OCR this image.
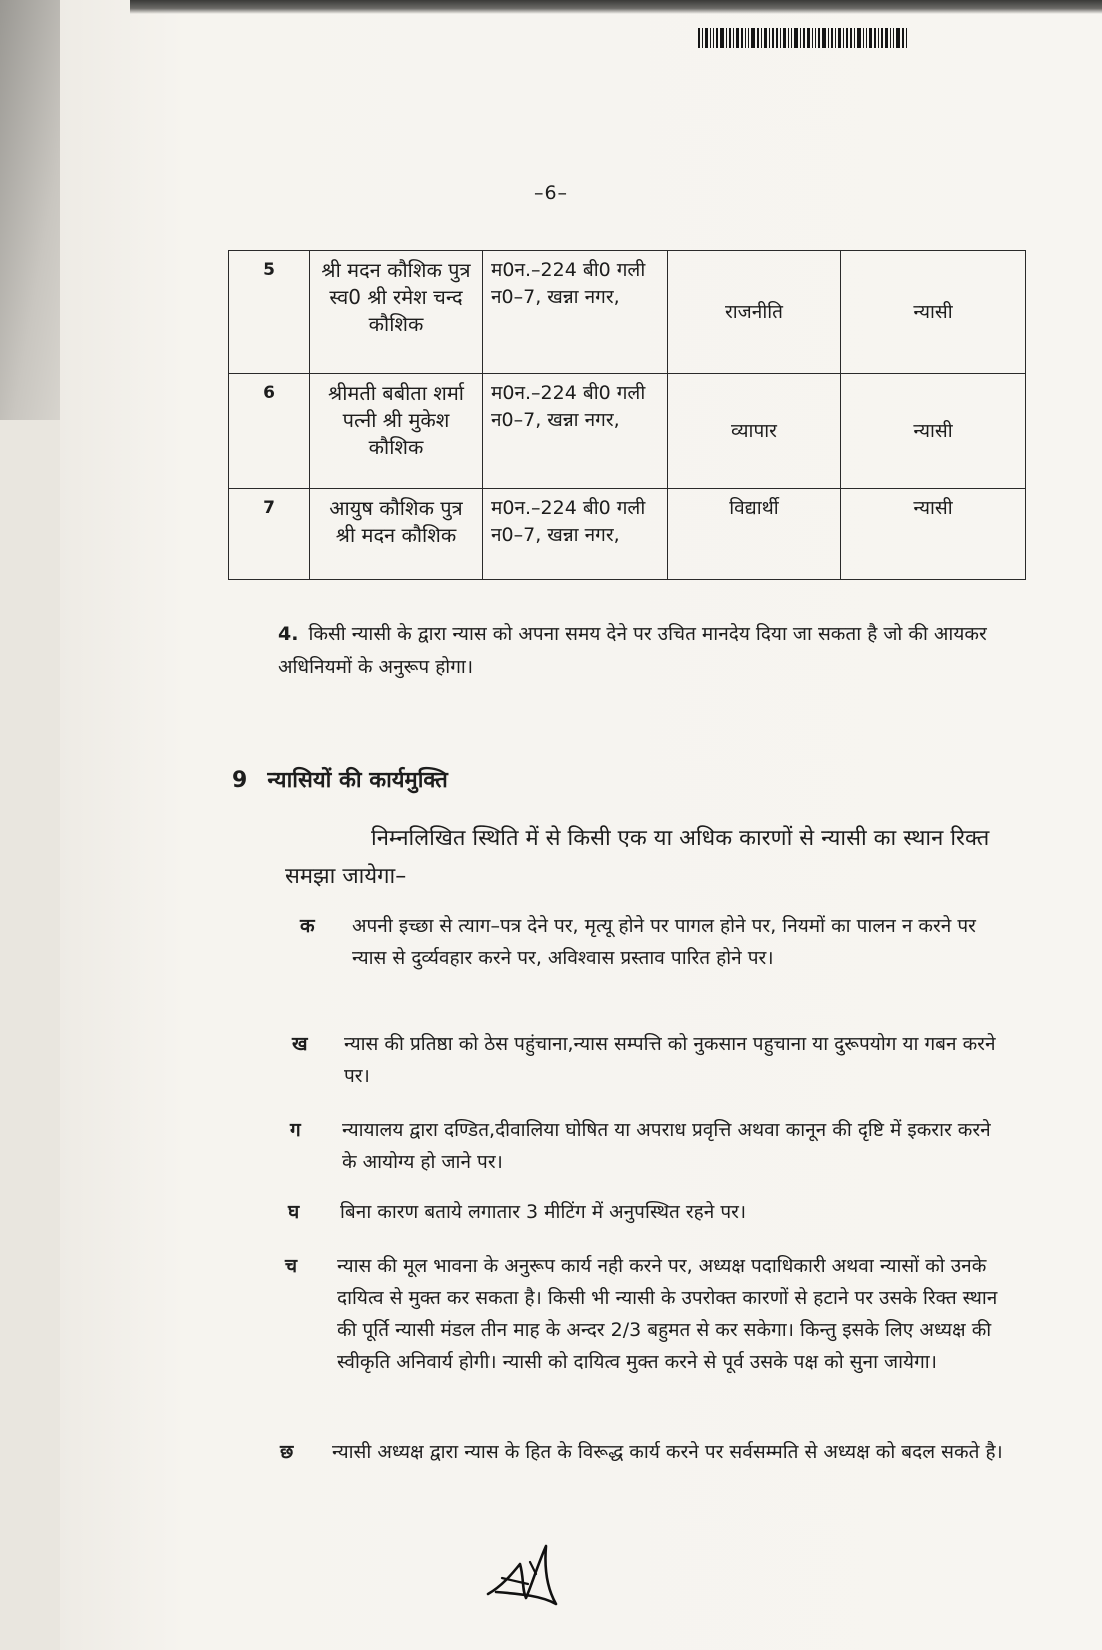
–6–
5	श्री मदन कौशिक पुत्र स्व0 श्री रमेश चन्द कौशिक	म0न.–224 बी0 गली न0–7, खन्ना नगर,	राजनीति	न्यासी
6	श्रीमती बबीता शर्मा पत्नी श्री मुकेश कौशिक	म0न.–224 बी0 गली न0–7, खन्ना नगर,	व्यापार	न्यासी
7	आयुष कौशिक पुत्र श्री मदन कौशिक	म0न.–224 बी0 गली न0–7, खन्ना नगर,	विद्यार्थी	न्यासी
4. किसी न्यासी के द्वारा न्यास को अपना समय देने पर उचित मानदेय दिया जा सकता है जो की आयकर अधिनियमों के अनुरूप होगा।
9 न्यासियों की कार्यमुक्ति
निम्नलिखित स्थिति में से किसी एक या अधिक कारणों से न्यासी का स्थान रिक्त समझा जायेगा–
क	अपनी इच्छा से त्याग–पत्र देने पर, मृत्यू होने पर पागल होने पर, नियमों का पालन न करने पर न्यास से दुर्व्यवहार करने पर, अविश्वास प्रस्ताव पारित होने पर।
ख	न्यास की प्रतिष्ठा को ठेस पहुंचाना,न्यास सम्पत्ति को नुकसान पहुचाना या दुरूपयोग या गबन करने पर।
ग	न्यायालय द्वारा दण्डित,दीवालिया घोषित या अपराध प्रवृत्ति अथवा कानून की दृष्टि में इकरार करने के आयोग्य हो जाने पर।
घ	बिना कारण बताये लगातार 3 मीटिंग में अनुपस्थित रहने पर।
च	न्यास की मूल भावना के अनुरूप कार्य नही करने पर, अध्यक्ष पदाधिकारी अथवा न्यासों को उनके दायित्व से मुक्त कर सकता है। किसी भी न्यासी के उपरोक्त कारणों से हटाने पर उसके रिक्त स्थान की पूर्ति न्यासी मंडल तीन माह के अन्दर 2/3 बहुमत से कर सकेगा। किन्तु इसके लिए अध्यक्ष की स्वीकृति अनिवार्य होगी। न्यासी को दायित्व मुक्त करने से पूर्व उसके पक्ष को सुना जायेगा।
छ	न्यासी अध्यक्ष द्वारा न्यास के हित के विरूद्ध कार्य करने पर सर्वसम्मति से अध्यक्ष को बदल सकते है।
